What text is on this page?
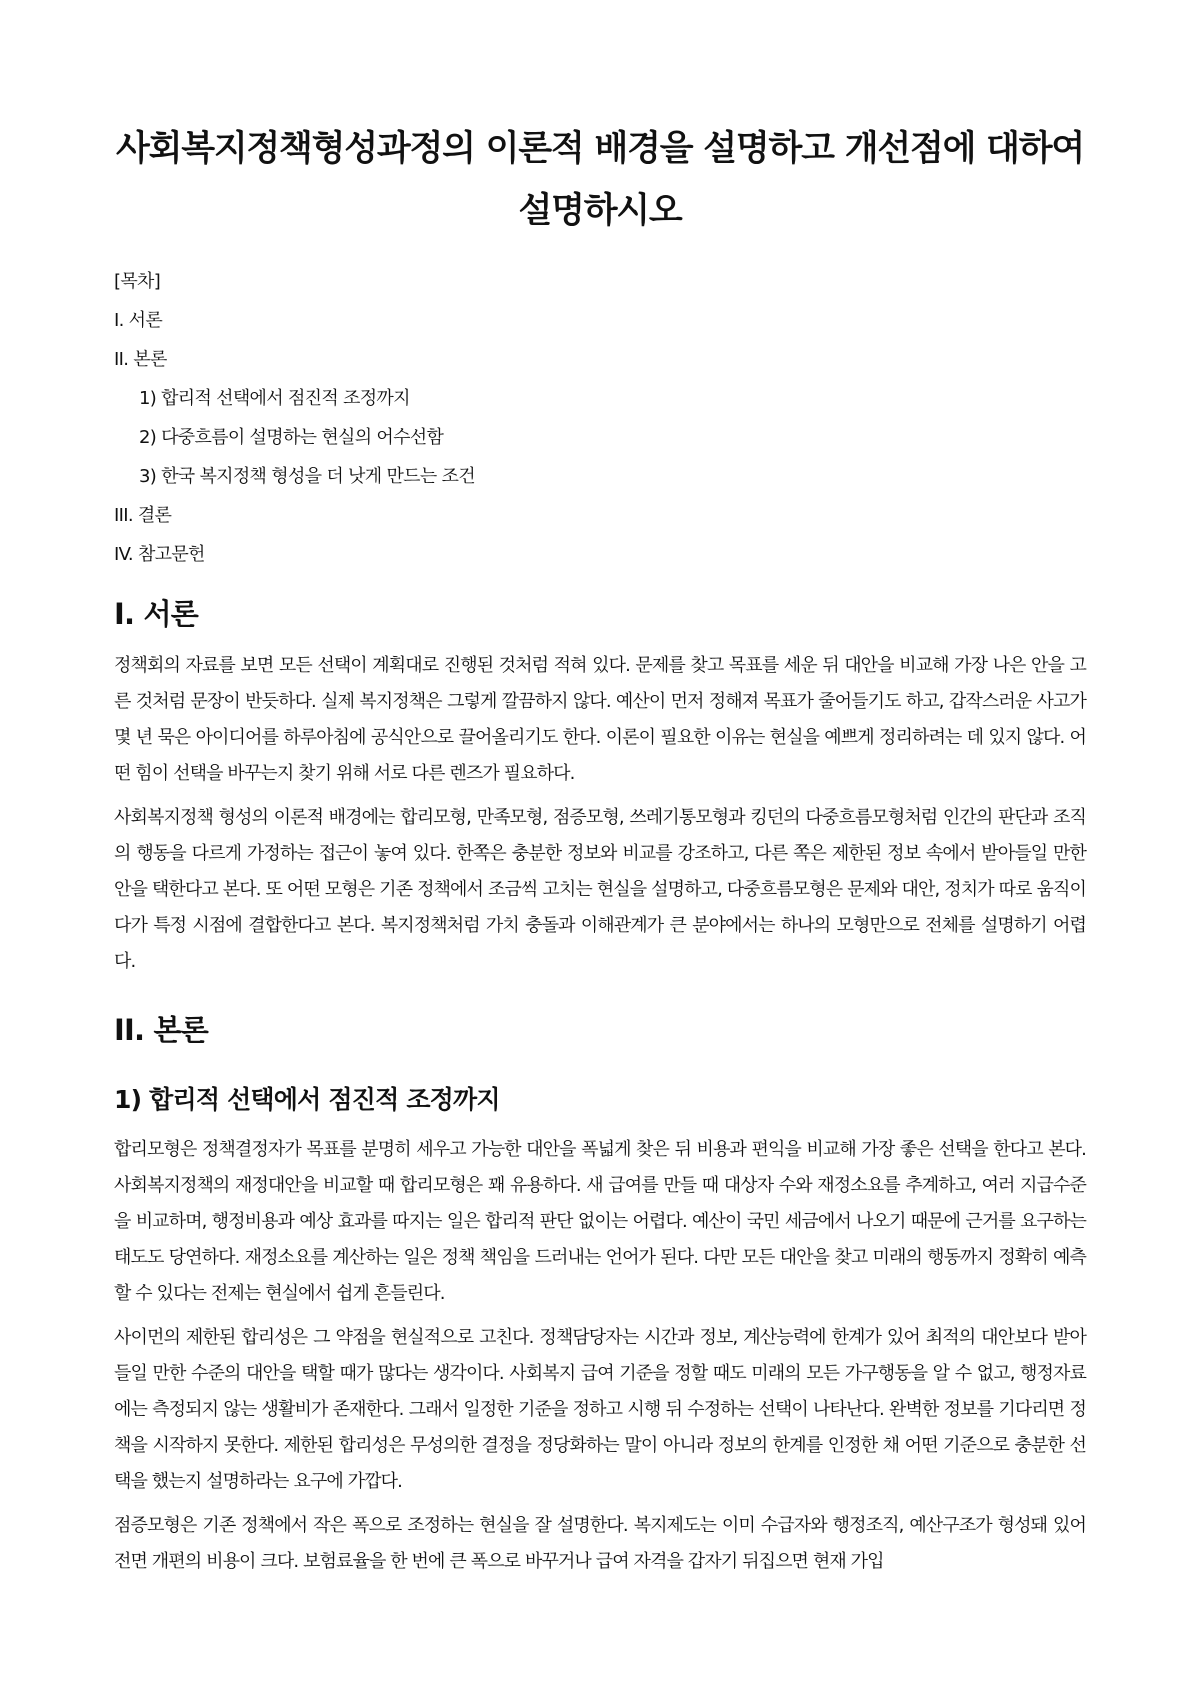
사회복지정책형성과정의 이론적 배경을 설명하고 개선점에 대하여 설명하시오
[목차]
I. 서론
II. 본론
1) 합리적 선택에서 점진적 조정까지
2) 다중흐름이 설명하는 현실의 어수선함
3) 한국 복지정책 형성을 더 낫게 만드는 조건
III. 결론
IV. 참고문헌
I. 서론

정책회의 자료를 보면 모든 선택이 계획대로 진행된 것처럼 적혀 있다. 문제를 찾고 목표를 세운 뒤 대안을 비교해 가장 나은 안을 고른 것처럼 문장이 반듯하다. 실제 복지정책은 그렇게 깔끔하지 않다. 예산이 먼저 정해져 목표가 줄어들기도 하고, 갑작스러운 사고가 몇 년 묵은 아이디어를 하루아침에 공식안으로 끌어올리기도 한다. 이론이 필요한 이유는 현실을 예쁘게 정리하려는 데 있지 않다. 어떤 힘이 선택을 바꾸는지 찾기 위해 서로 다른 렌즈가 필요하다.

사회복지정책 형성의 이론적 배경에는 합리모형, 만족모형, 점증모형, 쓰레기통모형과 킹던의 다중흐름모형처럼 인간의 판단과 조직의 행동을 다르게 가정하는 접근이 놓여 있다. 한쪽은 충분한 정보와 비교를 강조하고, 다른 쪽은 제한된 정보 속에서 받아들일 만한 안을 택한다고 본다. 또 어떤 모형은 기존 정책에서 조금씩 고치는 현실을 설명하고, 다중흐름모형은 문제와 대안, 정치가 따로 움직이다가 특정 시점에 결합한다고 본다. 복지정책처럼 가치 충돌과 이해관계가 큰 분야에서는 하나의 모형만으로 전체를 설명하기 어렵다.

II. 본론
1) 합리적 선택에서 점진적 조정까지

합리모형은 정책결정자가 목표를 분명히 세우고 가능한 대안을 폭넓게 찾은 뒤 비용과 편익을 비교해 가장 좋은 선택을 한다고 본다. 사회복지정책의 재정대안을 비교할 때 합리모형은 꽤 유용하다. 새 급여를 만들 때 대상자 수와 재정소요를 추계하고, 여러 지급수준을 비교하며, 행정비용과 예상 효과를 따지는 일은 합리적 판단 없이는 어렵다. 예산이 국민 세금에서 나오기 때문에 근거를 요구하는 태도도 당연하다. 재정소요를 계산하는 일은 정책 책임을 드러내는 언어가 된다. 다만 모든 대안을 찾고 미래의 행동까지 정확히 예측할 수 있다는 전제는 현실에서 쉽게 흔들린다.

사이먼의 제한된 합리성은 그 약점을 현실적으로 고친다. 정책담당자는 시간과 정보, 계산능력에 한계가 있어 최적의 대안보다 받아들일 만한 수준의 대안을 택할 때가 많다는 생각이다. 사회복지 급여 기준을 정할 때도 미래의 모든 가구행동을 알 수 없고, 행정자료에는 측정되지 않는 생활비가 존재한다. 그래서 일정한 기준을 정하고 시행 뒤 수정하는 선택이 나타난다. 완벽한 정보를 기다리면 정책을 시작하지 못한다. 제한된 합리성은 무성의한 결정을 정당화하는 말이 아니라 정보의 한계를 인정한 채 어떤 기준으로 충분한 선택을 했는지 설명하라는 요구에 가깝다.

점증모형은 기존 정책에서 작은 폭으로 조정하는 현실을 잘 설명한다. 복지제도는 이미 수급자와 행정조직, 예산구조가 형성돼 있어 전면 개편의 비용이 크다. 보험료율을 한 번에 큰 폭으로 바꾸거나 급여 자격을 갑자기 뒤집으면 현재 가입
